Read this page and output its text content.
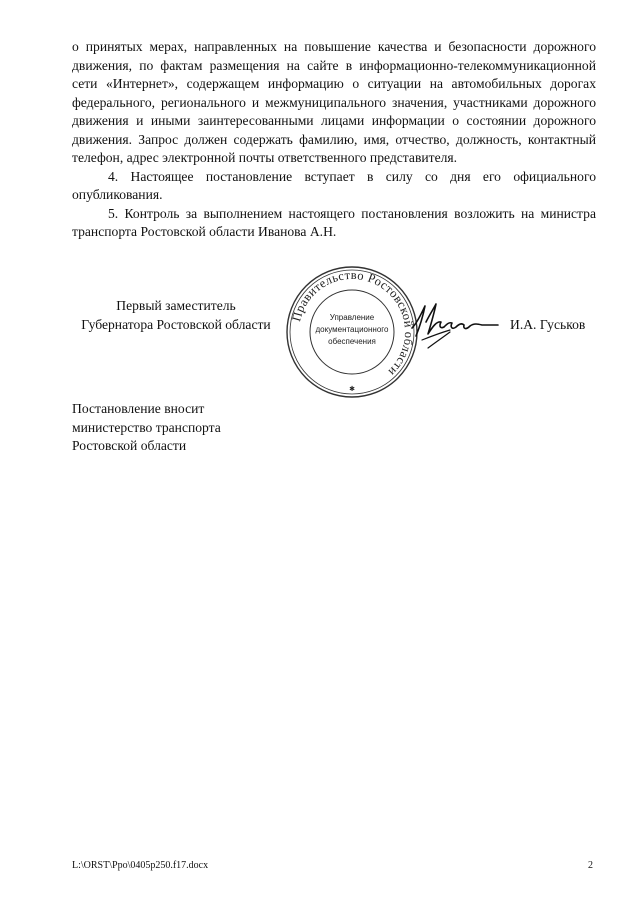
о принятых мерах, направленных на повышение качества и безопасности дорожного движения, по фактам размещения на сайте в информационно-телекоммуникационной сети «Интернет», содержащем информацию о ситуации на автомобильных дорогах федерального, регионального и межмуниципального значения, участниками дорожного движения и иными заинтересованными лицами информации о состоянии дорожного движения. Запрос должен содержать фамилию, имя, отчество, должность, контактный телефон, адрес электронной почты ответственного представителя.

4. Настоящее постановление вступает в силу со дня его официального опубликования.

5. Контроль за выполнением настоящего постановления возложить на министра транспорта Ростовской области Иванова А.Н.

Первый заместитель
Губернатора Ростовской области
Правительство Ростовской области
Управление
документационного
обеспечения
✱
И.А. Гуськов
Постановление вносит
министерство транспорта
Ростовской области
L:\ORST\Ppo\0405p250.f17.docx	2
